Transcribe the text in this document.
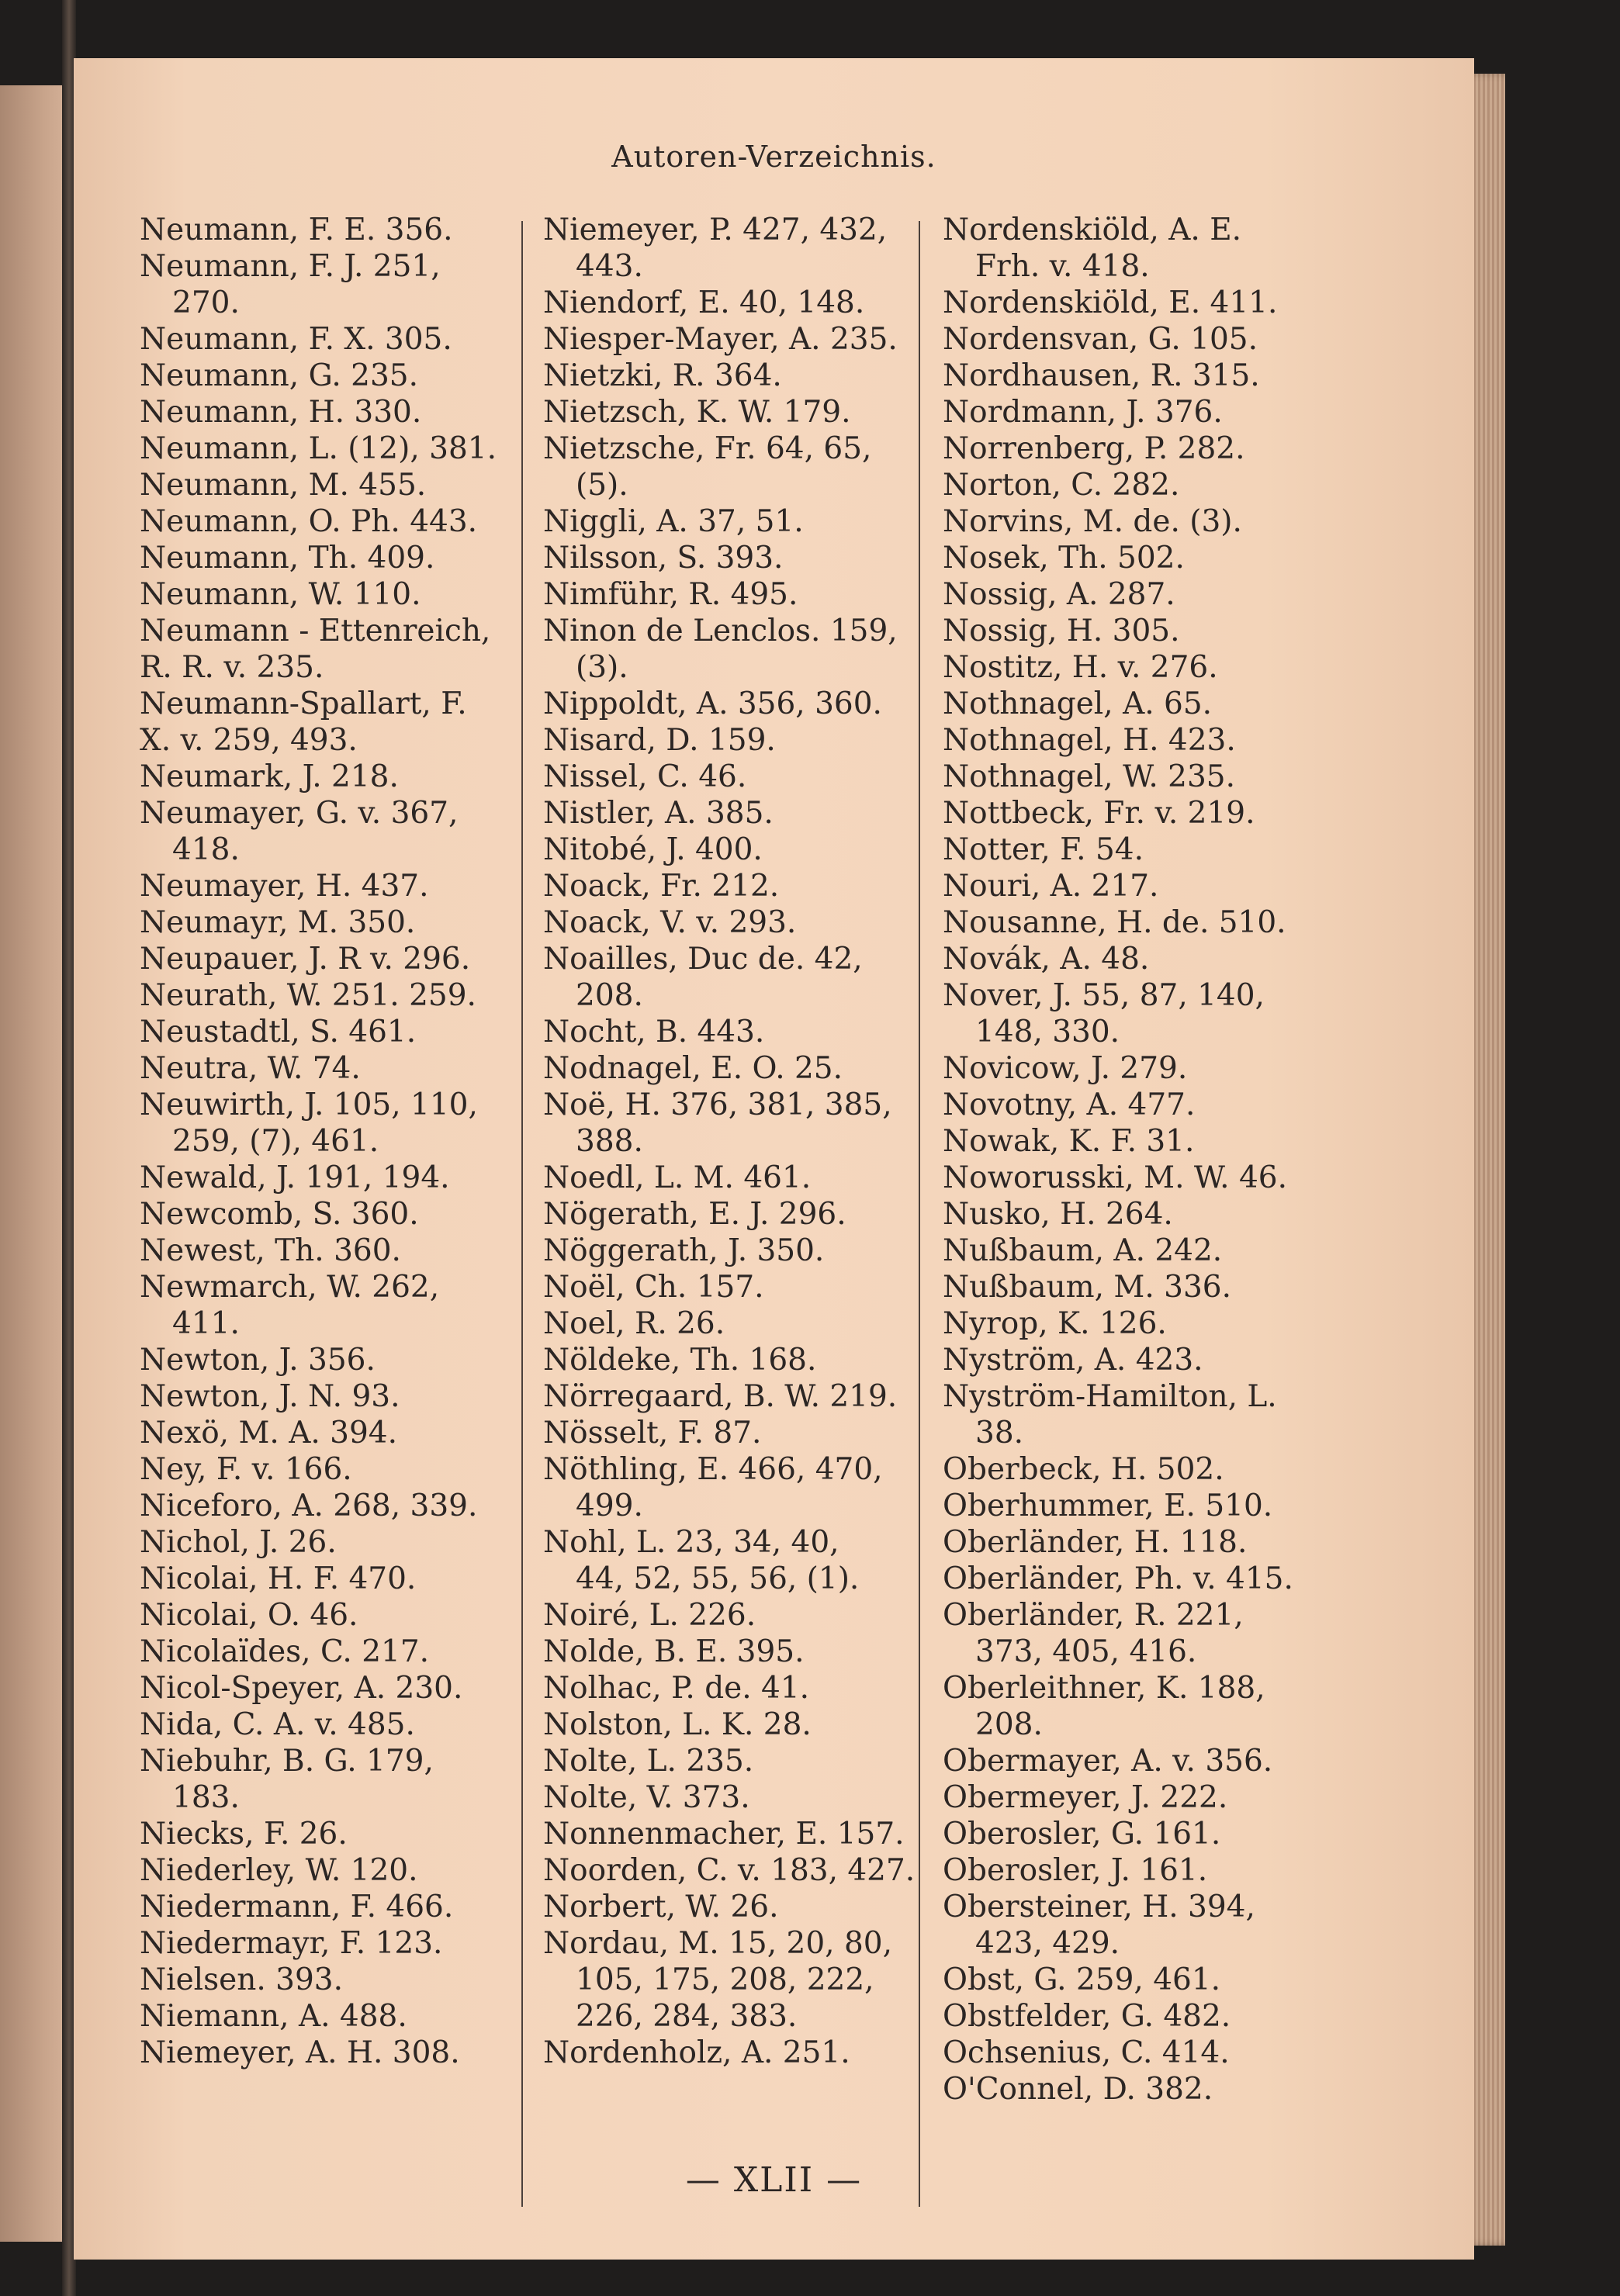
Autoren-Verzeichnis.
Neumann, F. E. 356.
Neumann, F. J. 251,
270.
Neumann, F. X. 305.
Neumann, G. 235.
Neumann, H. 330.
Neumann, L. (12), 381.
Neumann, M. 455.
Neumann, O. Ph. 443.
Neumann, Th. 409.
Neumann, W. 110.
Neumann - Ettenreich,
R. R. v. 235.
Neumann-Spallart, F.
X. v. 259, 493.
Neumark, J. 218.
Neumayer, G. v. 367,
418.
Neumayer, H. 437.
Neumayr, M. 350.
Neupauer, J. R v. 296.
Neurath, W. 251. 259.
Neustadtl, S. 461.
Neutra, W. 74.
Neuwirth, J. 105, 110,
259, (7), 461.
Newald, J. 191, 194.
Newcomb, S. 360.
Newest, Th. 360.
Newmarch, W. 262,
411.
Newton, J. 356.
Newton, J. N. 93.
Nexö, M. A. 394.
Ney, F. v. 166.
Niceforo, A. 268, 339.
Nichol, J. 26.
Nicolai, H. F. 470.
Nicolai, O. 46.
Nicolaïdes, C. 217.
Nicol-Speyer, A. 230.
Nida, C. A. v. 485.
Niebuhr, B. G. 179,
183.
Niecks, F. 26.
Niederley, W. 120.
Niedermann, F. 466.
Niedermayr, F. 123.
Nielsen. 393.
Niemann, A. 488.
Niemeyer, A. H. 308.
Niemeyer, P. 427, 432,
443.
Niendorf, E. 40, 148.
Niesper-Mayer, A. 235.
Nietzki, R. 364.
Nietzsch, K. W. 179.
Nietzsche, Fr. 64, 65,
(5).
Niggli, A. 37, 51.
Nilsson, S. 393.
Nimführ, R. 495.
Ninon de Lenclos. 159,
(3).
Nippoldt, A. 356, 360.
Nisard, D. 159.
Nissel, C. 46.
Nistler, A. 385.
Nitobé, J. 400.
Noack, Fr. 212.
Noack, V. v. 293.
Noailles, Duc de. 42,
208.
Nocht, B. 443.
Nodnagel, E. O. 25.
Noë, H. 376, 381, 385,
388.
Noedl, L. M. 461.
Nögerath, E. J. 296.
Nöggerath, J. 350.
Noël, Ch. 157.
Noel, R. 26.
Nöldeke, Th. 168.
Nörregaard, B. W. 219.
Nösselt, F. 87.
Nöthling, E. 466, 470,
499.
Nohl, L. 23, 34, 40,
44, 52, 55, 56, (1).
Noiré, L. 226.
Nolde, B. E. 395.
Nolhac, P. de. 41.
Nolston, L. K. 28.
Nolte, L. 235.
Nolte, V. 373.
Nonnenmacher, E. 157.
Noorden, C. v. 183, 427.
Norbert, W. 26.
Nordau, M. 15, 20, 80,
105, 175, 208, 222,
226, 284, 383.
Nordenholz, A. 251.
Nordenskiöld, A. E.
Frh. v. 418.
Nordenskiöld, E. 411.
Nordensvan, G. 105.
Nordhausen, R. 315.
Nordmann, J. 376.
Norrenberg, P. 282.
Norton, C. 282.
Norvins, M. de. (3).
Nosek, Th. 502.
Nossig, A. 287.
Nossig, H. 305.
Nostitz, H. v. 276.
Nothnagel, A. 65.
Nothnagel, H. 423.
Nothnagel, W. 235.
Nottbeck, Fr. v. 219.
Notter, F. 54.
Nouri, A. 217.
Nousanne, H. de. 510.
Novák, A. 48.
Nover, J. 55, 87, 140,
148, 330.
Novicow, J. 279.
Novotny, A. 477.
Nowak, K. F. 31.
Noworusski, M. W. 46.
Nusko, H. 264.
Nußbaum, A. 242.
Nußbaum, M. 336.
Nyrop, K. 126.
Nyström, A. 423.
Nyström-Hamilton, L.
38.
Oberbeck, H. 502.
Oberhummer, E. 510.
Oberländer, H. 118.
Oberländer, Ph. v. 415.
Oberländer, R. 221,
373, 405, 416.
Oberleithner, K. 188,
208.
Obermayer, A. v. 356.
Obermeyer, J. 222.
Oberosler, G. 161.
Oberosler, J. 161.
Obersteiner, H. 394,
423, 429.
Obst, G. 259, 461.
Obstfelder, G. 482.
Ochsenius, C. 414.
O'Connel, D. 382.
— XLII —
